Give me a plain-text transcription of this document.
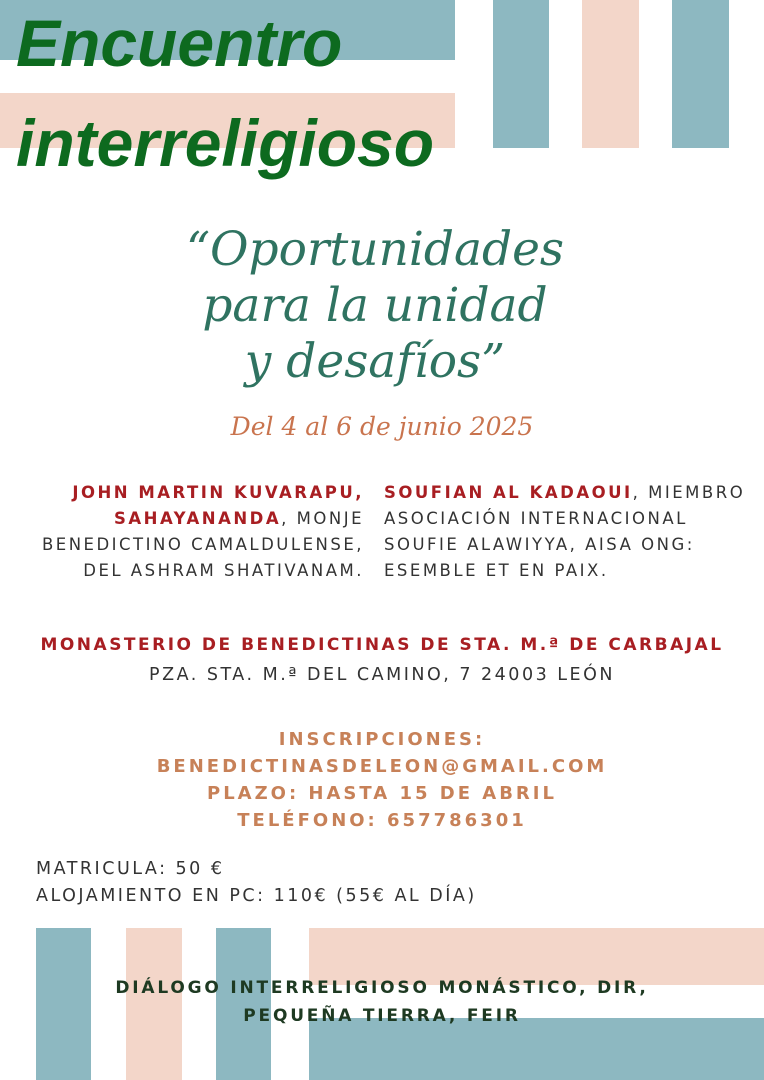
Encuentro
interreligioso
“Oportunidades
para la unidad
y desafíos”
Del 4 al 6 de junio 2025
JOHN MARTIN KUVARAPU, SAHAYANANDA, MONJE BENEDICTINO CAMALDULENSE, DEL ASHRAM SHATIVANAM.
SOUFIAN AL KADAOUI, MIEMBRO ASOCIACIÓN INTERNACIONAL SOUFIE ALAWIYYA, AISA ONG: ESEMBLE ET EN PAIX.
MONASTERIO DE BENEDICTINAS DE STA. M.ª DE CARBAJAL
PZA. STA. M.ª DEL CAMINO, 7 24003 LEÓN
INSCRIPCIONES:
BENEDICTINASDELEON@GMAIL.COM
PLAZO: HASTA 15 DE ABRIL
TELÉFONO: 657786301
MATRICULA: 50 €
ALOJAMIENTO EN PC: 110€ (55€ AL DÍA)
DIÁLOGO INTERRELIGIOSO MONÁSTICO, DIR,
PEQUEÑA TIERRA, FEIR
